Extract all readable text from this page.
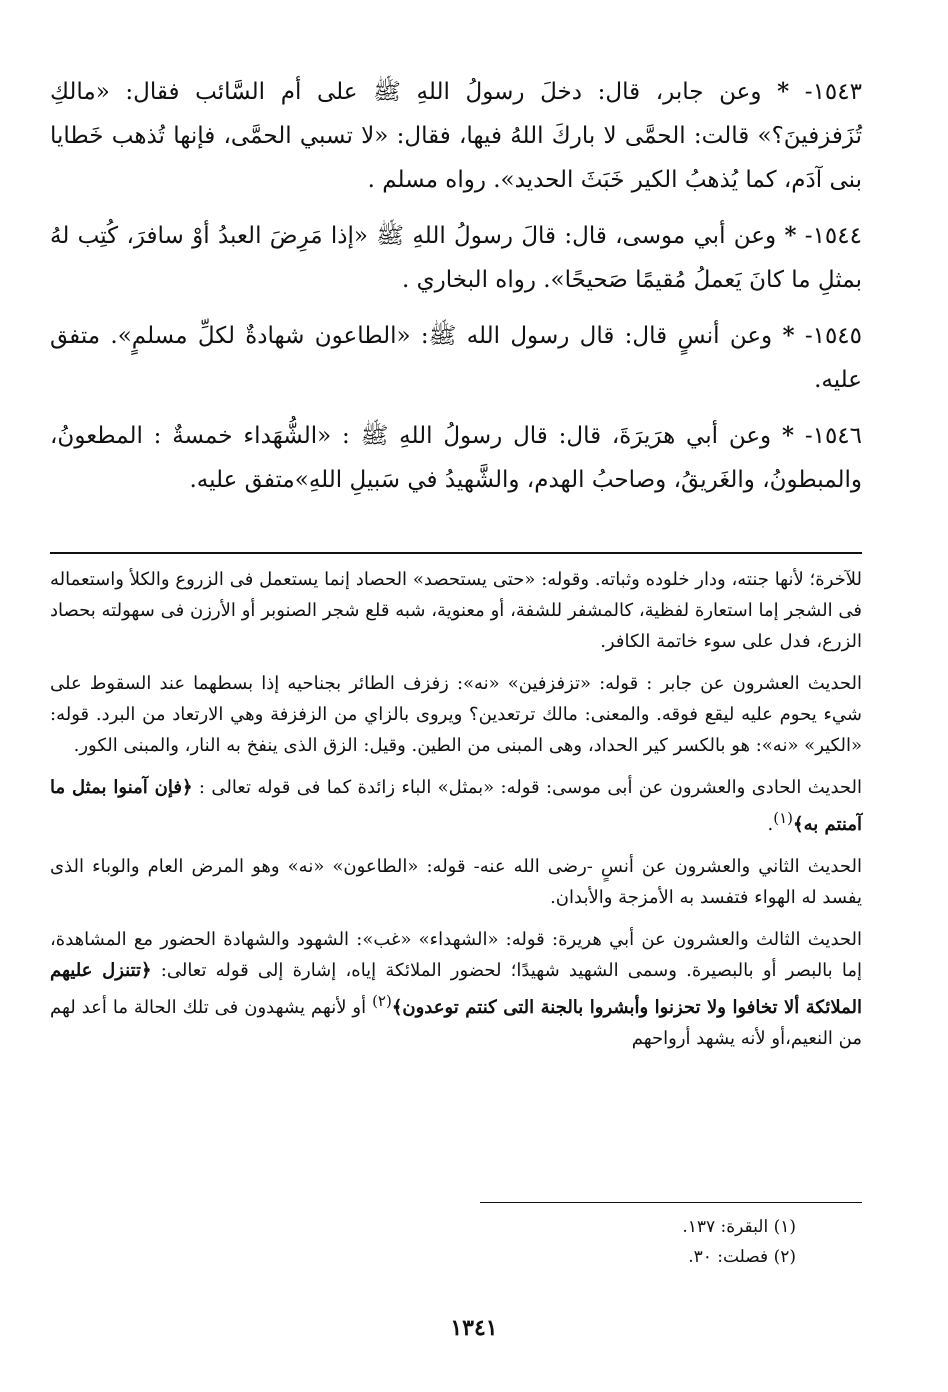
١٥٤٣- * وعن جابر، قال: دخلَ رسولُ اللهِ ﷺ على أم السَّائب فقال: «مالكِ تُزَفزفينَ؟» قالت: الحمَّى لا باركَ اللهُ فيها، فقال: «لا تسبي الحمَّى، فإنها تُذهب خَطايا بنى آدَم، كما يُذهبُ الكير خَبَثَ الحديد». رواه مسلم .

١٥٤٤- * وعن أبي موسى، قال: قالَ رسولُ اللهِ ﷺ «إذا مَرِضَ العبدُ أوْ سافرَ، كُتِب لهُ بمثلِ ما كانَ يَعملُ مُقيمًا صَحيحًا». رواه البخاري .

١٥٤٥- * وعن أنسٍ قال: قال رسول الله ﷺ: «الطاعون شهادةٌ لكلِّ مسلمٍ». متفق عليه.

١٥٤٦- * وعن أبي هرَيرَةَ، قال: قال رسولُ اللهِ ﷺ : «الشُّهَداء خمسةٌ : المطعونُ، والمبطونُ، والغَريقُ، وصاحبُ الهدم، والشَّهيدُ في سَبيلِ اللهِ»متفق عليه.

للآخرة؛ لأنها جنته، ودار خلوده وثباته. وقوله: «حتى يستحصد» الحصاد إنما يستعمل فى الزروع والكلأ واستعماله فى الشجر إما استعارة لفظية، كالمشفر للشفة، أو معنوية، شبه قلع شجر الصنوبر أو الأرزن فى سهولته بحصاد الزرع، فدل على سوء خاتمة الكافر.

الحديث العشرون عن جابر : قوله: «تزفزفين» «نه»: زفزف الطائر بجناحيه إذا بسطهما عند السقوط على شيء يحوم عليه ليقع فوقه. والمعنى: مالك ترتعدين؟ ويروى بالزاي من الزفزفة وهي الارتعاد من البرد. قوله: «الكير» «نه»: هو بالكسر كير الحداد، وهى المبنى من الطين. وقيل: الزق الذى ينفخ به النار، والمبنى الكور.

الحديث الحادى والعشرون عن أبى موسى: قوله: «بمثل» الباء زائدة كما فى قوله تعالى : ﴿فإن آمنوا بمثل ما آمنتم به﴾$^{(١)}$.

الحديث الثاني والعشرون عن أنسٍ -رضى الله عنه- قوله: «الطاعون» «نه» وهو المرض العام والوباء الذى يفسد له الهواء فتفسد به الأمزجة والأبدان.

الحديث الثالث والعشرون عن أبي هريرة: قوله: «الشهداء» «غب»: الشهود والشهادة الحضور مع المشاهدة، إما بالبصر أو بالبصيرة. وسمى الشهيد شهيدًا؛ لحضور الملائكة إياه، إشارة إلى قوله تعالى: ﴿تتنزل عليهم الملائكة ألا تخافوا ولا تحزنوا وأبشروا بالجنة التى كنتم توعدون﴾$^{(٢)}$ أو لأنهم يشهدون فى تلك الحالة ما أعد لهم من النعيم،أو لأنه يشهد أرواحهم

(١) البقرة: ١٣٧.
(٢) فصلت: ٣٠.
١٣٤١
